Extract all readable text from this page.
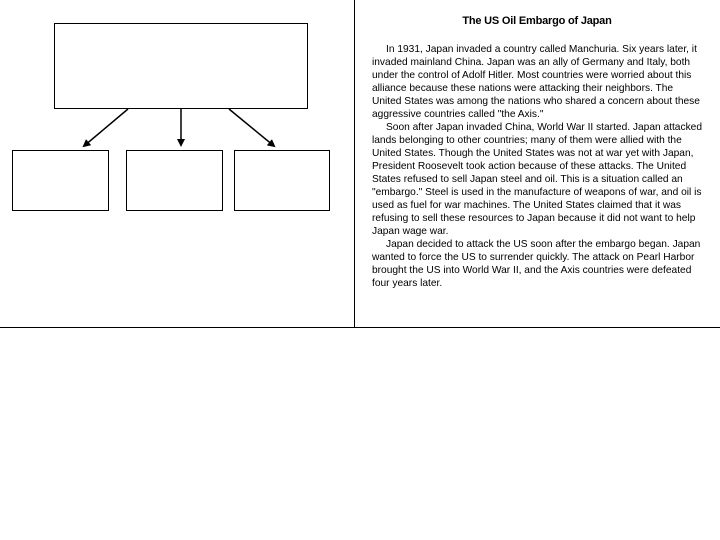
The US Oil Embargo of Japan

In 1931, Japan invaded a country called Manchuria. Six years later, it invaded mainland China. Japan was an ally of Germany and Italy, both under the control of Adolf Hitler. Most countries were worried about this alliance because these nations were attacking their neighbors. The United States was among the nations who shared a concern about these aggressive countries called "the Axis."

Soon after Japan invaded China, World War II started. Japan attacked lands belonging to other countries; many of them were allied with the United States. Though the United States was not at war yet with Japan, President Roosevelt took action because of these attacks. The United States refused to sell Japan steel and oil. This is a situation called an "embargo." Steel is used in the manufacture of weapons of war, and oil is used as fuel for war machines. The United States claimed that it was refusing to sell these resources to Japan because it did not want to help Japan wage war.

Japan decided to attack the US soon after the embargo began. Japan wanted to force the US to surrender quickly. The attack on Pearl Harbor brought the US into World War II, and the Axis countries were defeated four years later.
